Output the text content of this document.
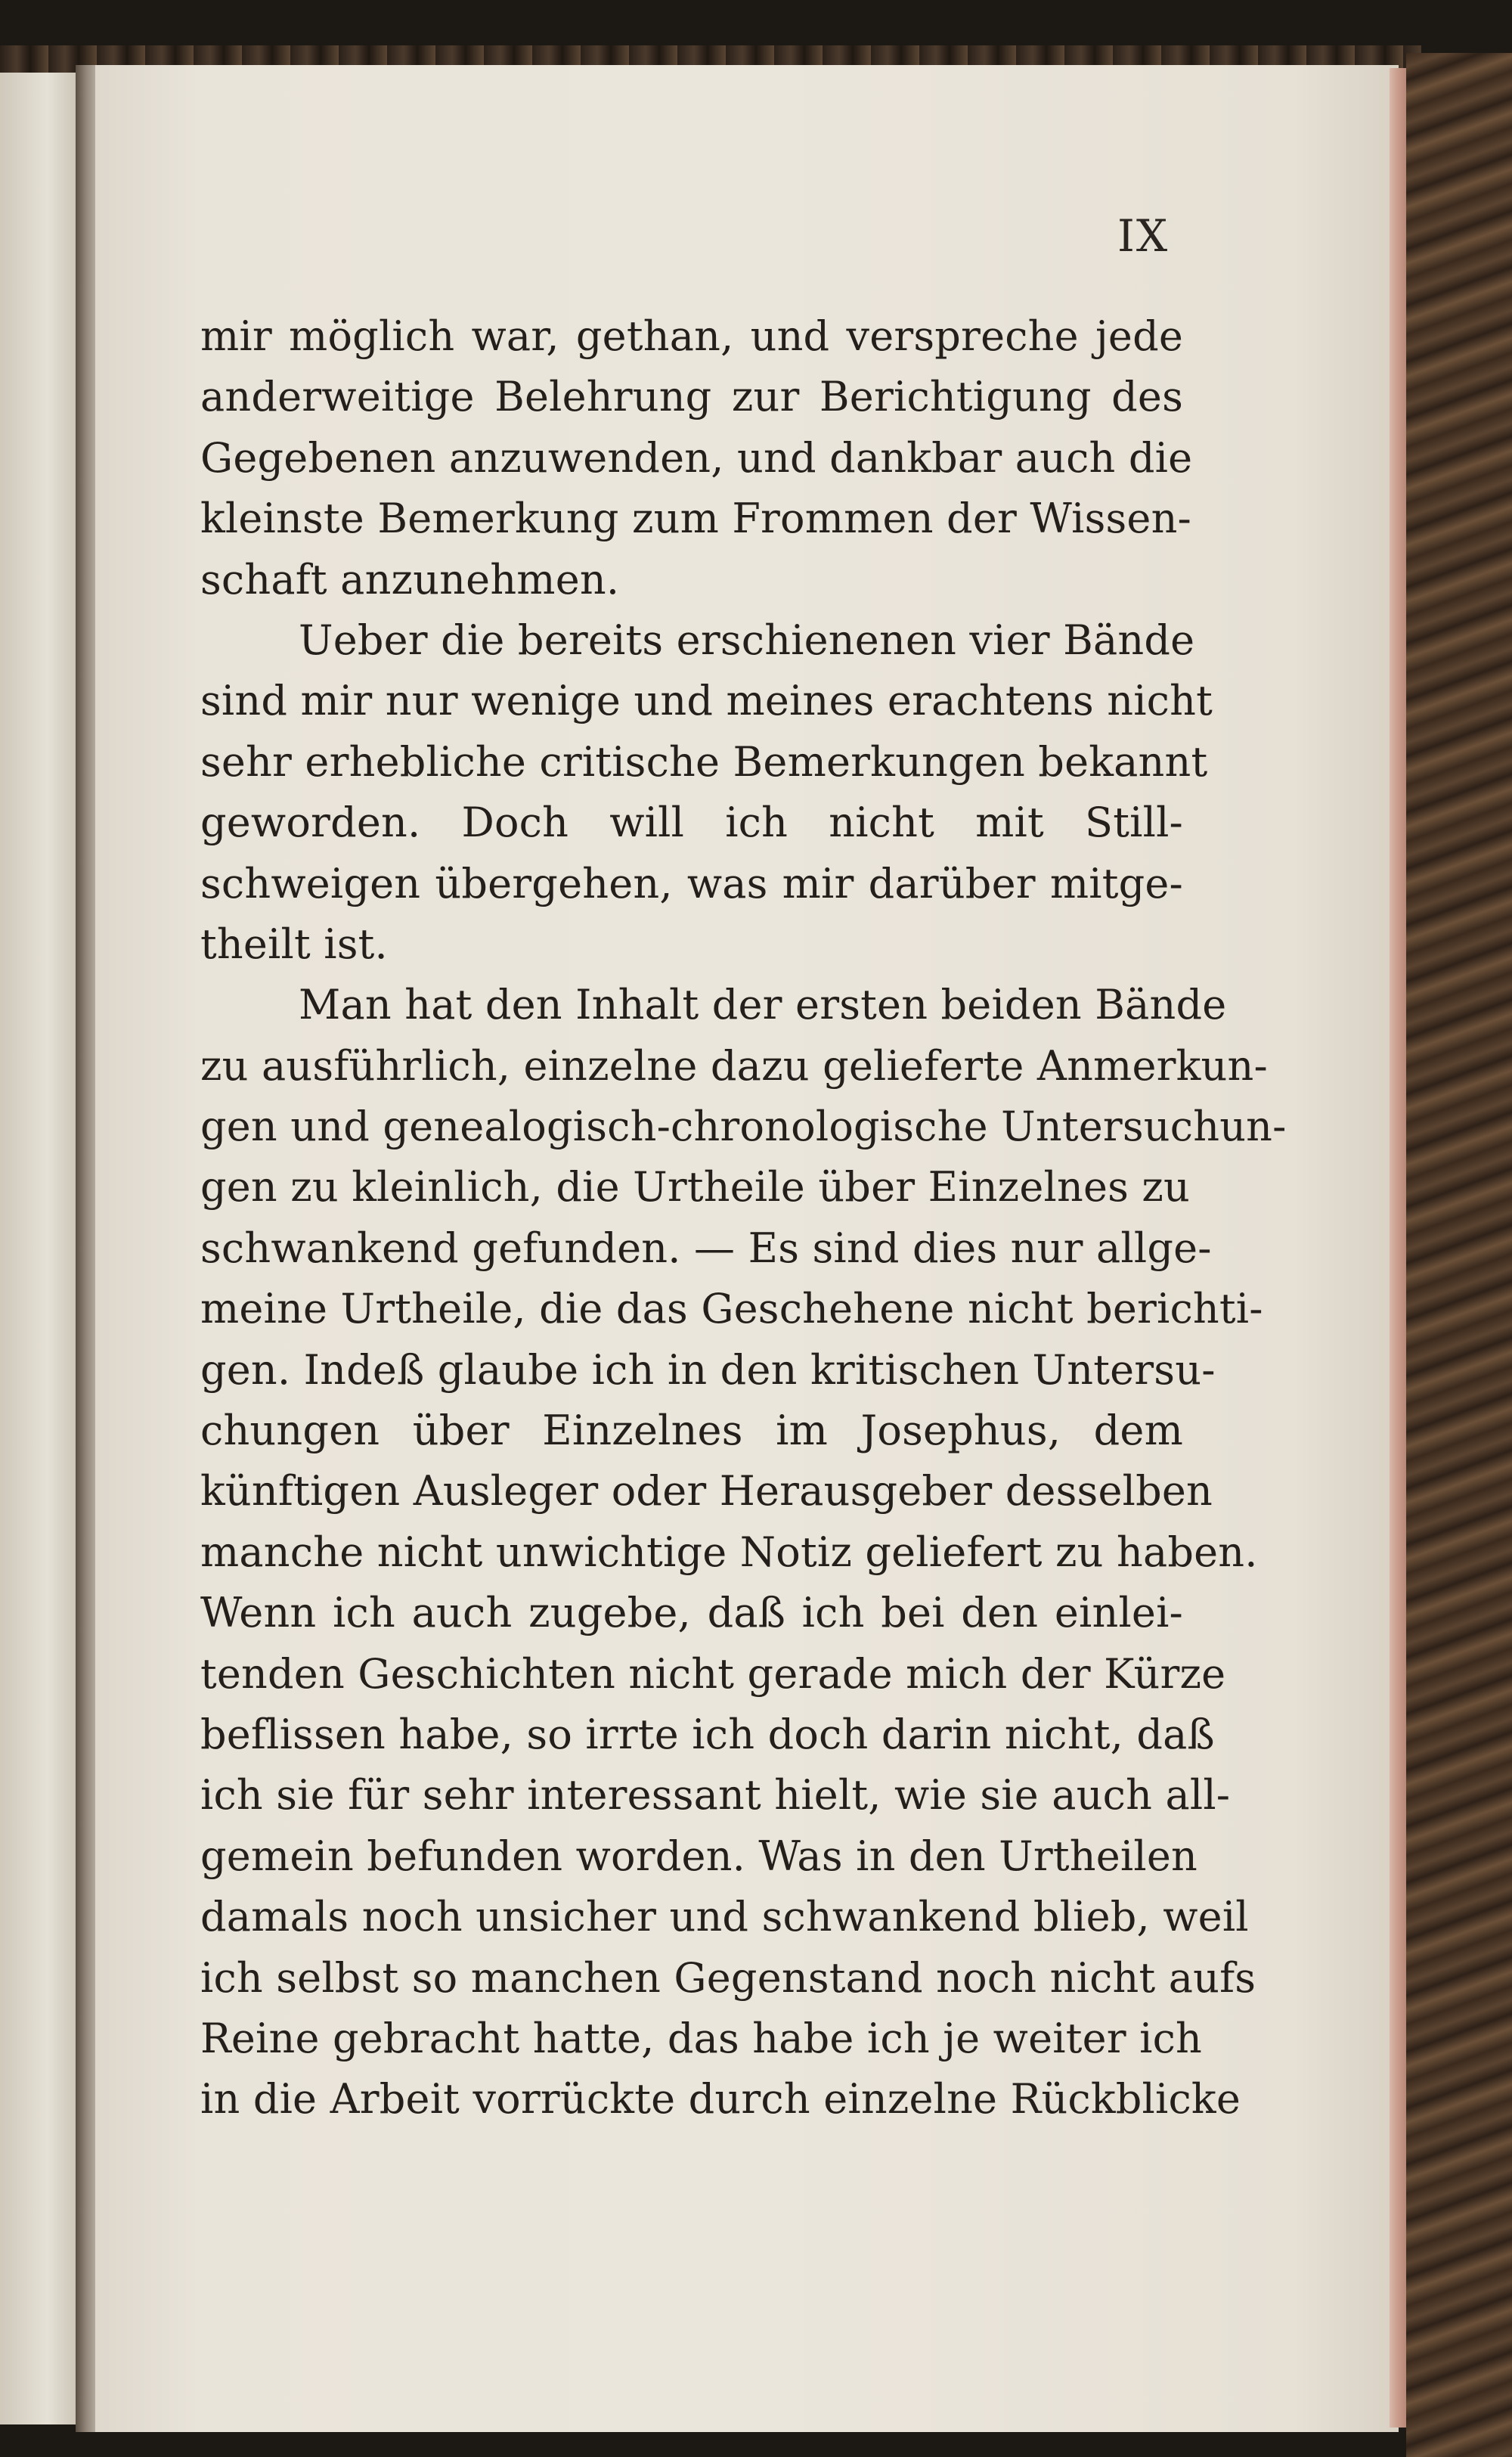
IX
mir möglich war, gethan, und verspreche jede
anderweitige Belehrung zur Berichtigung des
Gegebenen anzuwenden, und dankbar auch die
kleinste Bemerkung zum Frommen der Wissen-
schaft anzunehmen.
Ueber die bereits erschienenen vier Bände
sind mir nur wenige und meines erachtens nicht
sehr erhebliche critische Bemerkungen bekannt
geworden. Doch will ich nicht mit Still-
schweigen übergehen, was mir darüber mitge-
theilt ist.
Man hat den Inhalt der ersten beiden Bände
zu ausführlich, einzelne dazu gelieferte Anmerkun-
gen und genealogisch-chronologische Untersuchun-
gen zu kleinlich, die Urtheile über Einzelnes zu
schwankend gefunden. — Es sind dies nur allge-
meine Urtheile, die das Geschehene nicht berichti-
gen. Indeß glaube ich in den kritischen Untersu-
chungen über Einzelnes im Josephus, dem
künftigen Ausleger oder Herausgeber desselben
manche nicht unwichtige Notiz geliefert zu haben.
Wenn ich auch zugebe, daß ich bei den einlei-
tenden Geschichten nicht gerade mich der Kürze
beflissen habe, so irrte ich doch darin nicht, daß
ich sie für sehr interessant hielt, wie sie auch all-
gemein befunden worden. Was in den Urtheilen
damals noch unsicher und schwankend blieb, weil
ich selbst so manchen Gegenstand noch nicht aufs
Reine gebracht hatte, das habe ich je weiter ich
in die Arbeit vorrückte durch einzelne Rückblicke
